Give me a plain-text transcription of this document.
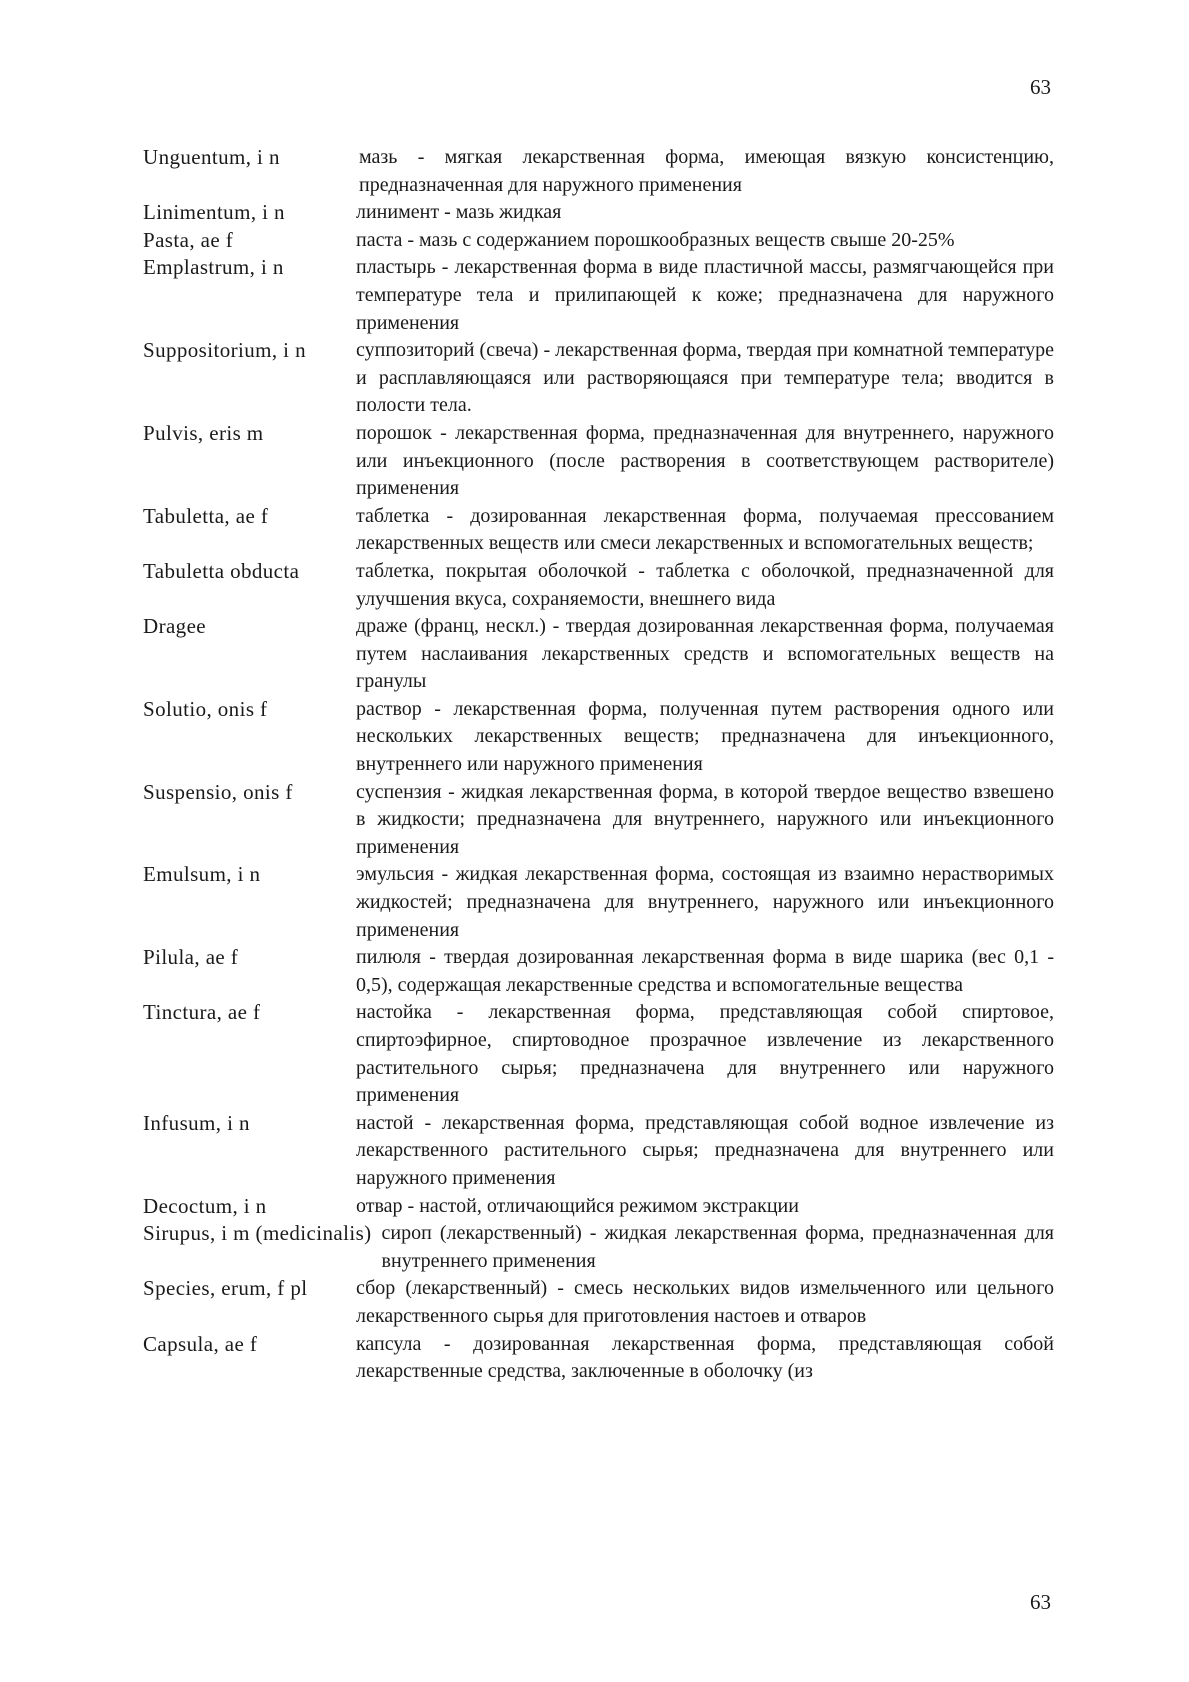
63
Unguentum, i n	мазь - мягкая лекарственная форма, имеющая вязкую консистенцию, предназначенная для наружного применения
Linimentum, i n	линимент - мазь жидкая
Pasta, ae f	паста - мазь с содержанием порошкообразных веществ свыше 20-25%
Emplastrum, i n	пластырь - лекарственная форма в виде пластичной массы, размягчающейся при температуре тела и прилипающей к коже; предназначена для наружного применения
Suppositorium, i n	суппозиторий (свеча) - лекарственная форма, твердая при комнатной температуре и расплавляющаяся или растворяющаяся при температуре тела; вводится в полости тела.
Pulvis, eris m	порошок - лекарственная форма, предназначенная для внутреннего, наружного или инъекционного (после растворения в соответствующем растворителе) применения
Tabuletta, ae f	таблетка - дозированная лекарственная форма, получаемая прессованием лекарственных веществ или смеси лекарственных и вспомогательных веществ;
Tabuletta obducta	таблетка, покрытая оболочкой - таблетка с оболочкой, предназначенной для улучшения вкуса, сохраняемости, внешнего вида
Dragee	драже (франц, нескл.) - твердая дозированная лекарственная форма, получаемая путем наслаивания лекарственных средств и вспомогательных веществ на гранулы
Solutio, onis f	раствор - лекарственная форма, полученная путем растворения одного или нескольких лекарственных веществ; предназначена для инъекционного, внутреннего или наружного применения
Suspensio, onis f	суспензия - жидкая лекарственная форма, в которой твердое вещество взвешено в жидкости; предназначена для внутреннего, наружного или инъекционного применения
Emulsum, i n	эмульсия - жидкая лекарственная форма, состоящая из взаимно нерастворимых жидкостей; предназначена для внутреннего, наружного или инъекционного применения
Pilula, ae f	пилюля - твердая дозированная лекарственная форма в виде шарика (вес 0,1 - 0,5), содержащая лекарственные средства и вспомогательные вещества
Tinctura, ae f	настойка - лекарственная форма, представляющая собой спиртовое, спиртоэфирное, спиртоводное прозрачное извлечение из лекарственного растительного сырья; предназначена для внутреннего или наружного применения
Infusum, i n	настой - лекарственная форма, представляющая собой водное извлечение из лекарственного растительного сырья; предназначена для внутреннего или наружного применения
Decoctum, i n	отвар - настой, отличающийся режимом экстракции
Sirupus, i m (medicinalis) сироп (лекарственный) - жидкая лекарственная форма, предназначенная для внутреннего применения
Species, erum, f pl	сбор (лекарственный) - смесь нескольких видов измельченного или цельного лекарственного сырья для приготовления настоев и отваров
Capsula, ae f	капсула - дозированная лекарственная форма, представляющая собой лекарственные средства, заключенные в оболочку (из
63
